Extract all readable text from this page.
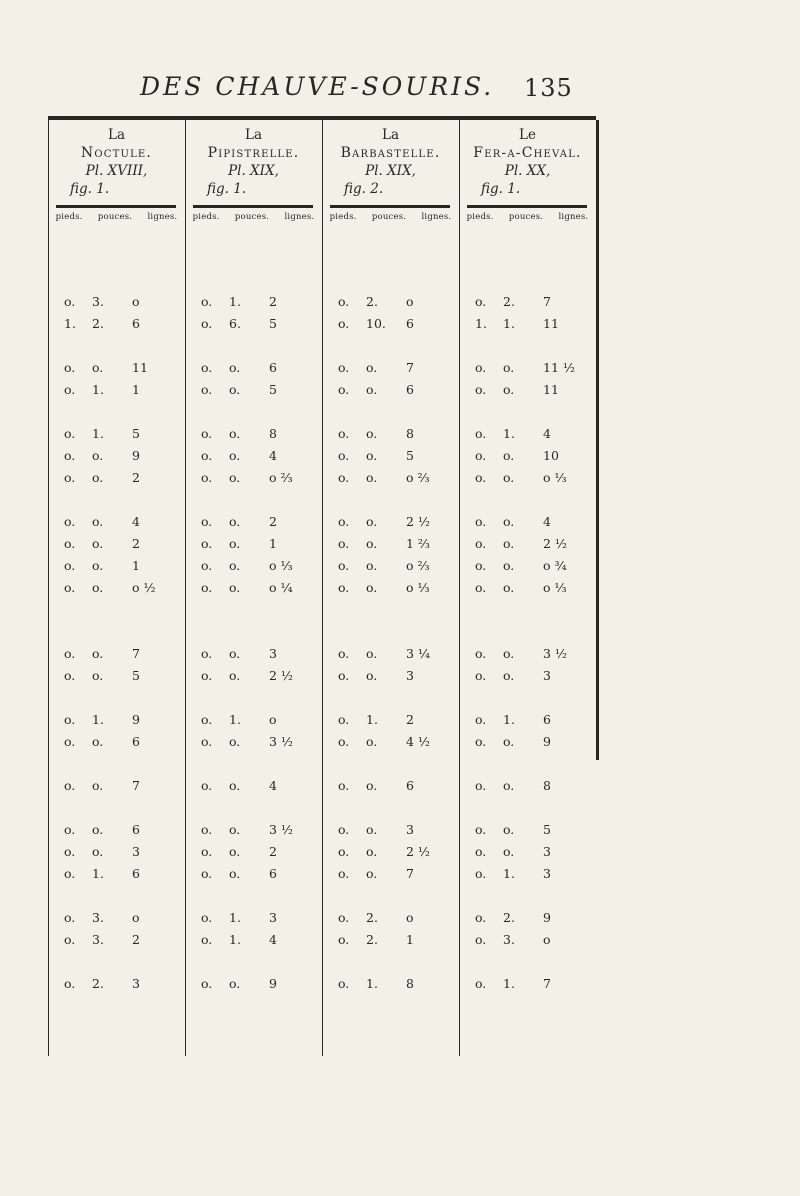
DES CHAUVE-SOURIS.	135
La
Noctule.
Pl. XVIII,
fig. 1.
La
Pipistrelle.
Pl. XIX,
fig. 1.
La
Barbastelle.
Pl. XIX,
fig. 2.
Le
Fer-a-Cheval.
Pl. XX,
fig. 1.
pieds. pouces. lignes. pieds. pouces. lignes. pieds. pouces. lignes. pieds. pouces. lignes.
o. 3. o	o. 1. 2	o. 2. o	o. 2. 7
1. 2. 6	o. 6. 5	o. 10. 6	1. 1. 11
o. o. 11	o. o. 6	o. o. 7	o. o. 11 ½
o. 1. 1	o. o. 5	o. o. 6	o. o. 11
o. 1. 5	o. o. 8	o. o. 8	o. 1. 4
o. o. 9	o. o. 4	o. o. 5	o. o. 10
o. o. 2	o. o. o ⅔	o. o. o ⅔	o. o. o ⅓
o. o. 4	o. o. 2	o. o. 2 ½	o. o. 4
o. o. 2	o. o. 1	o. o. 1 ⅔	o. o. 2 ½
o. o. 1	o. o. o ⅓	o. o. o ⅔	o. o. o ¾
o. o. o ½	o. o. o ¼	o. o. o ⅓	o. o. o ⅓
o. o. 7	o. o. 3	o. o. 3 ¼	o. o. 3 ½
o. o. 5	o. o. 2 ½	o. o. 3	o. o. 3
o. 1. 9	o. 1. o	o. 1. 2	o. 1. 6
o. o. 6	o. o. 3 ½	o. o. 4 ½	o. o. 9
o. o. 7	o. o. 4	o. o. 6	o. o. 8
o. o. 6	o. o. 3 ½	o. o. 3	o. o. 5
o. o. 3	o. o. 2	o. o. 2 ½	o. o. 3
o. 1. 6	o. o. 6	o. o. 7	o. 1. 3
o. 3. o	o. 1. 3	o. 2. o	o. 2. 9
o. 3. 2	o. 1. 4	o. 2. 1	o. 3. o
o. 2. 3	o. o. 9	o. 1. 8	o. 1. 7
